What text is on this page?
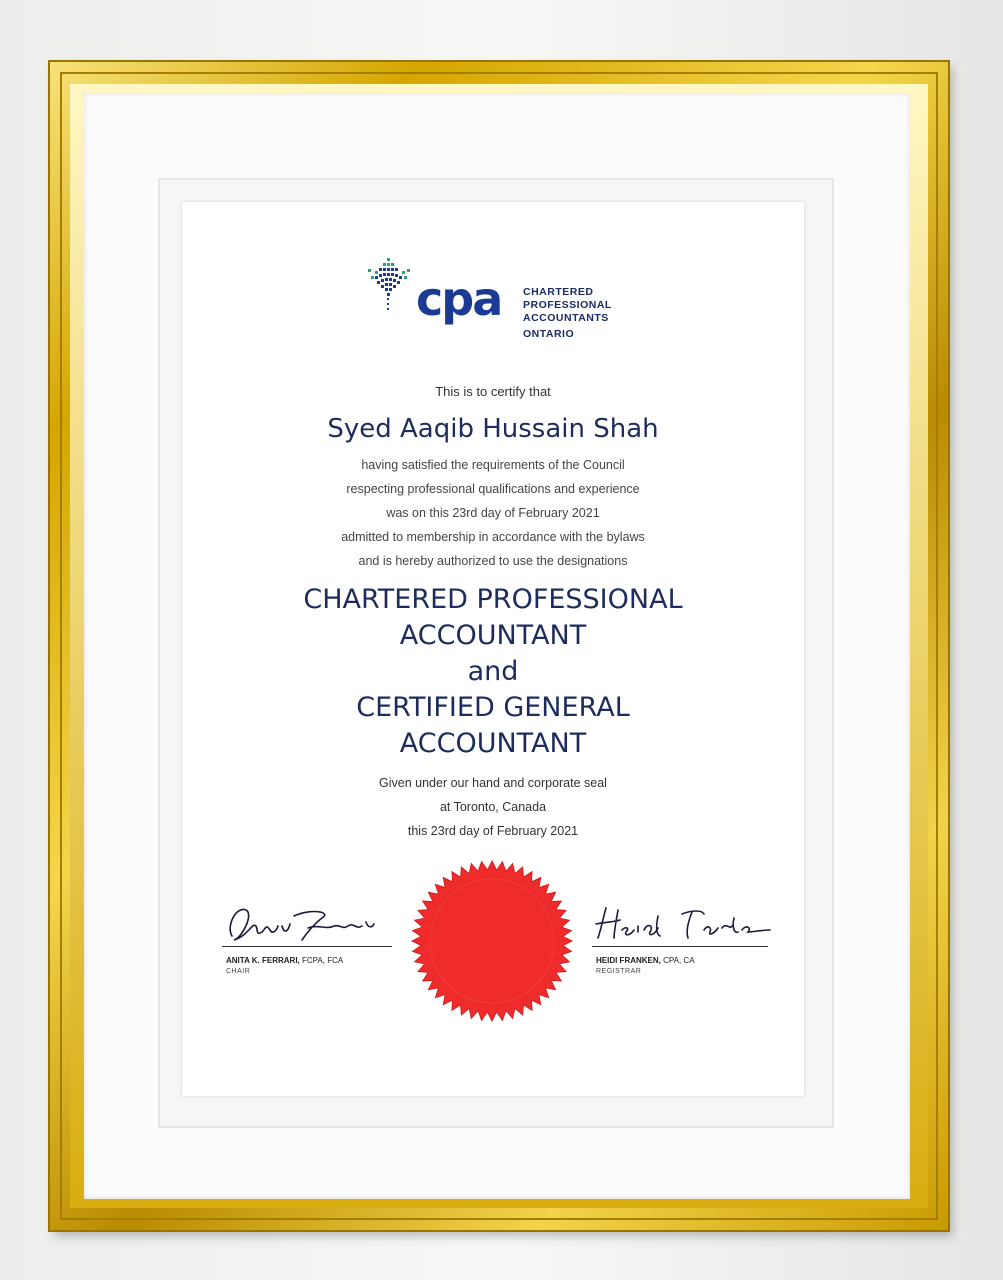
cpa CHARTERED
PROFESSIONAL
ACCOUNTANTS
ONTARIO
This is to certify that
Syed Aaqib Hussain Shah
having satisfied the requirements of the Council
respecting professional qualifications and experience
was on this 23rd day of February 2021
admitted to membership in accordance with the bylaws
and is hereby authorized to use the designations
CHARTERED PROFESSIONAL
ACCOUNTANT
and
CERTIFIED GENERAL
ACCOUNTANT
Given under our hand and corporate seal
at Toronto, Canada
this 23rd day of February 2021
ANITA K. FERRARI, FCPA, FCA
CHAIR
HEIDI FRANKEN, CPA, CA
REGISTRAR
